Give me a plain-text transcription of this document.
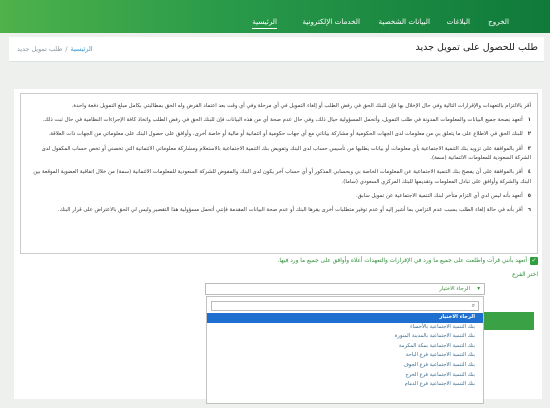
الرئيسية	الخدمات الإلكترونية	البيانات الشخصية البلاغات	الخروج
طلب للحصول على تمويل جديد
الرئيسية/طلب تمويل جديد

أقر بالالتزام بالتعهدات والإقرارات التالية وفي حال الإخلال بها فإن للبنك الحق في رفض الطلب أو إلغاء التمويل في أي مرحلة وفي أي وقت بعد اعتماد القرض وله الحق بمطالبتي بكامل مبلغ التمويل دفعة واحدة.

١أتعهد بصحة جميع البيانات والمعلومات المدونة في طلب التمويل، وأتحمل المسؤولية حيال ذلك، وفي حال عدم صحة أي من هذه البيانات فإن للبنك الحق في رفض الطلب واتخاذ كافة الإجراءات النظامية في حال ثبت ذلك.

٢للبنك الحق في الاطلاع على ما يتعلق بي من معلومات لدى الجهات الحكومية أو مشاركة بياناتي مع أي جهات حكومية أو ائتمانية أو مالية أو خاصة أخرى، وأوافق على حصول البنك على معلوماتي من الجهات ذات العلاقة.

٣أقر بالموافقة على تزويد بنك التنمية الاجتماعية بأي معلومات أو بيانات يطلبها من تأسيس حساب لدى البنك وتفويض بنك التنمية الاجتماعية بالاستعلام ومشاركة معلوماتي الائتمانية التي تخصني أو تخص حساب المكفول لدى الشركة السعودية للمعلومات الائتمانية (سمة).

٤أقر بالموافقة على أن يفصح بنك التنمية الاجتماعية عن المعلومات الخاصة بي وبحسابي المذكور أو أي حساب آخر يكون لدى البنك والمفوض للشركة السعودية للمعلومات الائتمانية (سمة) من خلال اتفاقية العضوية الموقعة بين البنك والشركة وأوافق على تبادل المعلومات وتقديمها للبنك المركزي السعودي (ساما).

٥أتعهد بأنه ليس لدي أي التزام متأخر لبنك التنمية الاجتماعية عن تمويل سابق.

٦أقر بأنه في حالة إلغاء الطلب بسبب عدم التزامي بما أشير إليه أو عدم توفير متطلبات أخرى يقرها البنك أو عدم صحة البيانات المقدمة فإنني أتحمل مسؤولية هذا التقصير وليس لي الحق بالاعتراض على قرار البنك.

✓
أتعهد بأنني قرأت واطلعت على جميع ما ورد في الإقرارات والتعهدات أعلاه وأوافق على جميع ما ورد فيها.
اختر الفرع
▾
الرجاء الاختيار
⌕
الرجاء الاختيار
بنك التنمية الاجتماعية بالأحساء
بنك التنمية الاجتماعية بالمدينة المنورة
بنك التنمية الاجتماعية بمكة المكرمة
بنك التنمية الاجتماعية فرع الباحة
بنك التنمية الاجتماعية فرع الجوف
بنك التنمية الاجتماعية فرع الخرج
بنك التنمية الاجتماعية فرع الدمام
